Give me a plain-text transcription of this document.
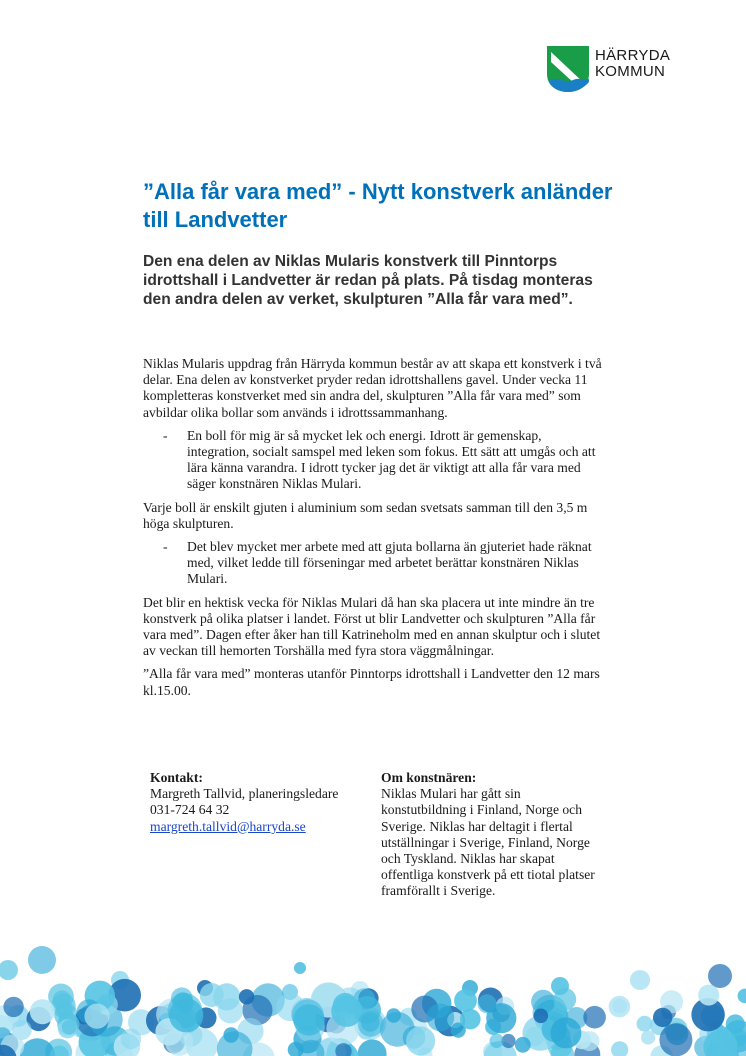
HÄRRYDA
KOMMUN
”Alla får vara med” - Nytt konstverk anländer till Landvetter

Den ena delen av Niklas Mularis konstverk till Pinntorps idrottshall i Landvetter är redan på plats. På tisdag monteras den andra delen av verket, skulpturen ”Alla får vara med”.

Niklas Mularis uppdrag från Härryda kommun består av att skapa ett konstverk i två delar. Ena delen av konstverket pryder redan idrottshallens gavel. Under vecka 11 kompletteras konstverket med sin andra del, skulpturen ”Alla får vara med” som avbildar olika bollar som används i idrottssammanhang.

- En boll för mig är så mycket lek och energi. Idrott är gemenskap, integration, socialt samspel med leken som fokus. Ett sätt att umgås och att lära känna varandra. I idrott tycker jag det är viktigt att alla får vara med säger konstnären Niklas Mulari.

Varje boll är enskilt gjuten i aluminium som sedan svetsats samman till den 3,5 m höga skulpturen.

- Det blev mycket mer arbete med att gjuta bollarna än gjuteriet hade räknat med, vilket ledde till förseningar med arbetet berättar konstnären Niklas Mulari.

Det blir en hektisk vecka för Niklas Mulari då han ska placera ut inte mindre än tre konstverk på olika platser i landet. Först ut blir Landvetter och skulpturen ”Alla får vara med”. Dagen efter åker han till Katrineholm med en annan skulptur och i slutet av veckan till hemorten Torshälla med fyra stora väggmålningar.

”Alla får vara med” monteras utanför Pinntorps idrottshall i Landvetter den 12 mars kl.15.00.

Kontakt:
Margreth Tallvid, planeringsledare
031-724 64 32
margreth.tallvid@harryda.se
Om konstnären:
Niklas Mulari har gått sin konstutbildning i Finland, Norge och Sverige. Niklas har deltagit i flertal utställningar i Sverige, Finland, Norge och Tyskland. Niklas har skapat offentliga konstverk på ett tiotal platser framförallt i Sverige.
